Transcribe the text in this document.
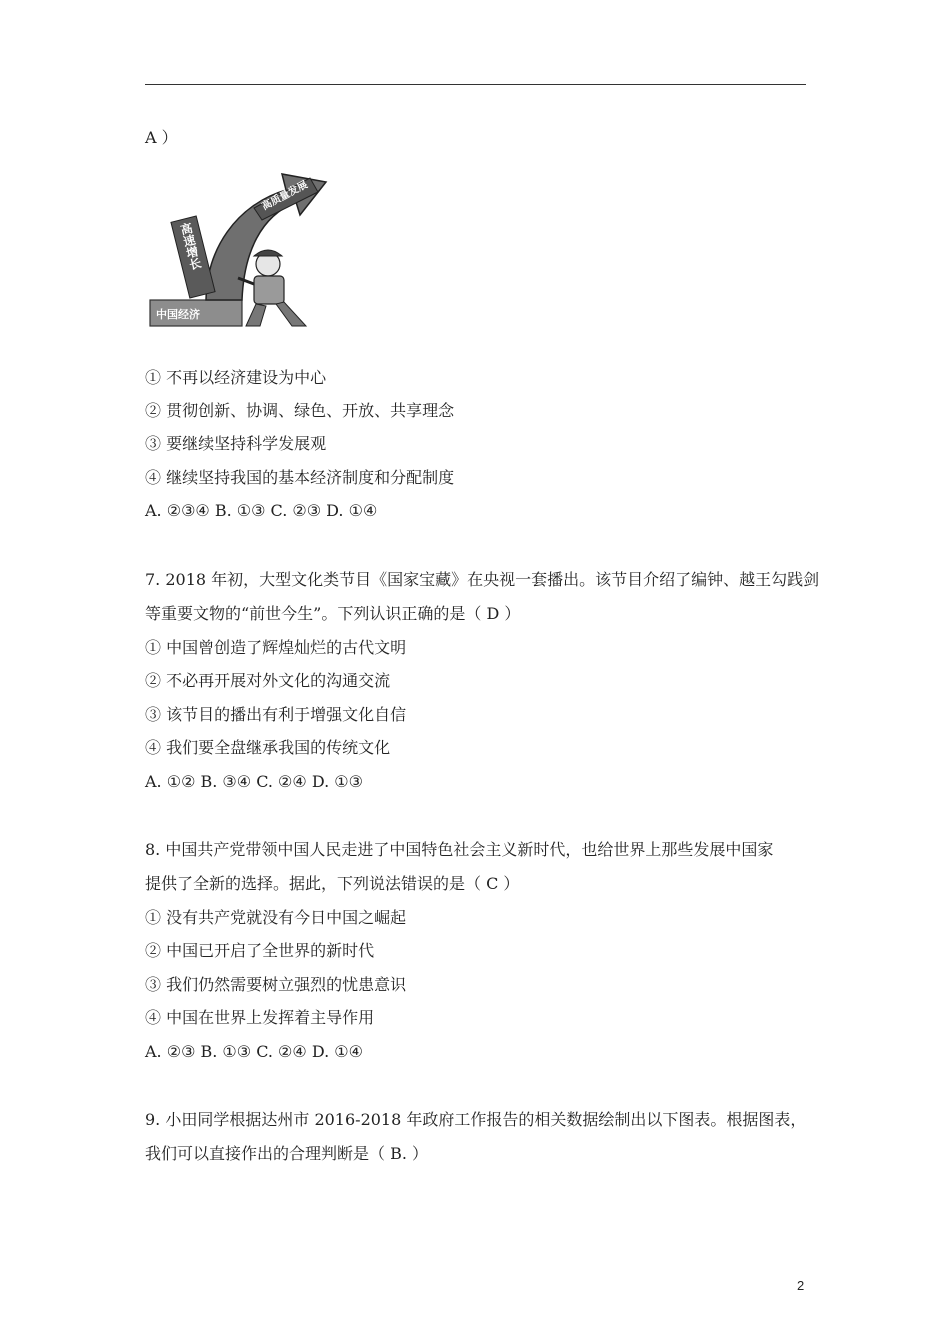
A ）
中国经济
高质量发展
高速增长
① 不再以经济建设为中心
② 贯彻创新、协调、绿色、开放、共享理念
③ 要继续坚持科学发展观
④ 继续坚持我国的基本经济制度和分配制度
A. ②③④ B. ①③ C. ②③ D. ①④
7. 2018 年初，大型文化类节目《国家宝藏》在央视一套播出。该节目介绍了编钟、越王勾践剑
等重要文物的“前世今生”。下列认识正确的是（ D ）
① 中国曾创造了辉煌灿烂的古代文明
② 不必再开展对外文化的沟通交流
③ 该节目的播出有利于增强文化自信
④ 我们要全盘继承我国的传统文化
A. ①② B. ③④ C. ②④ D. ①③
8. 中国共产党带领中国人民走进了中国特色社会主义新时代，也给世界上那些发展中国家
提供了全新的选择。据此，下列说法错误的是（ C ）
① 没有共产党就没有今日中国之崛起
② 中国已开启了全世界的新时代
③ 我们仍然需要树立强烈的忧患意识
④ 中国在世界上发挥着主导作用
A. ②③ B. ①③ C. ②④ D. ①④
9. 小田同学根据达州市 2016-2018 年政府工作报告的相关数据绘制出以下图表。根据图表，
我们可以直接作出的合理判断是（ B. ）
2
